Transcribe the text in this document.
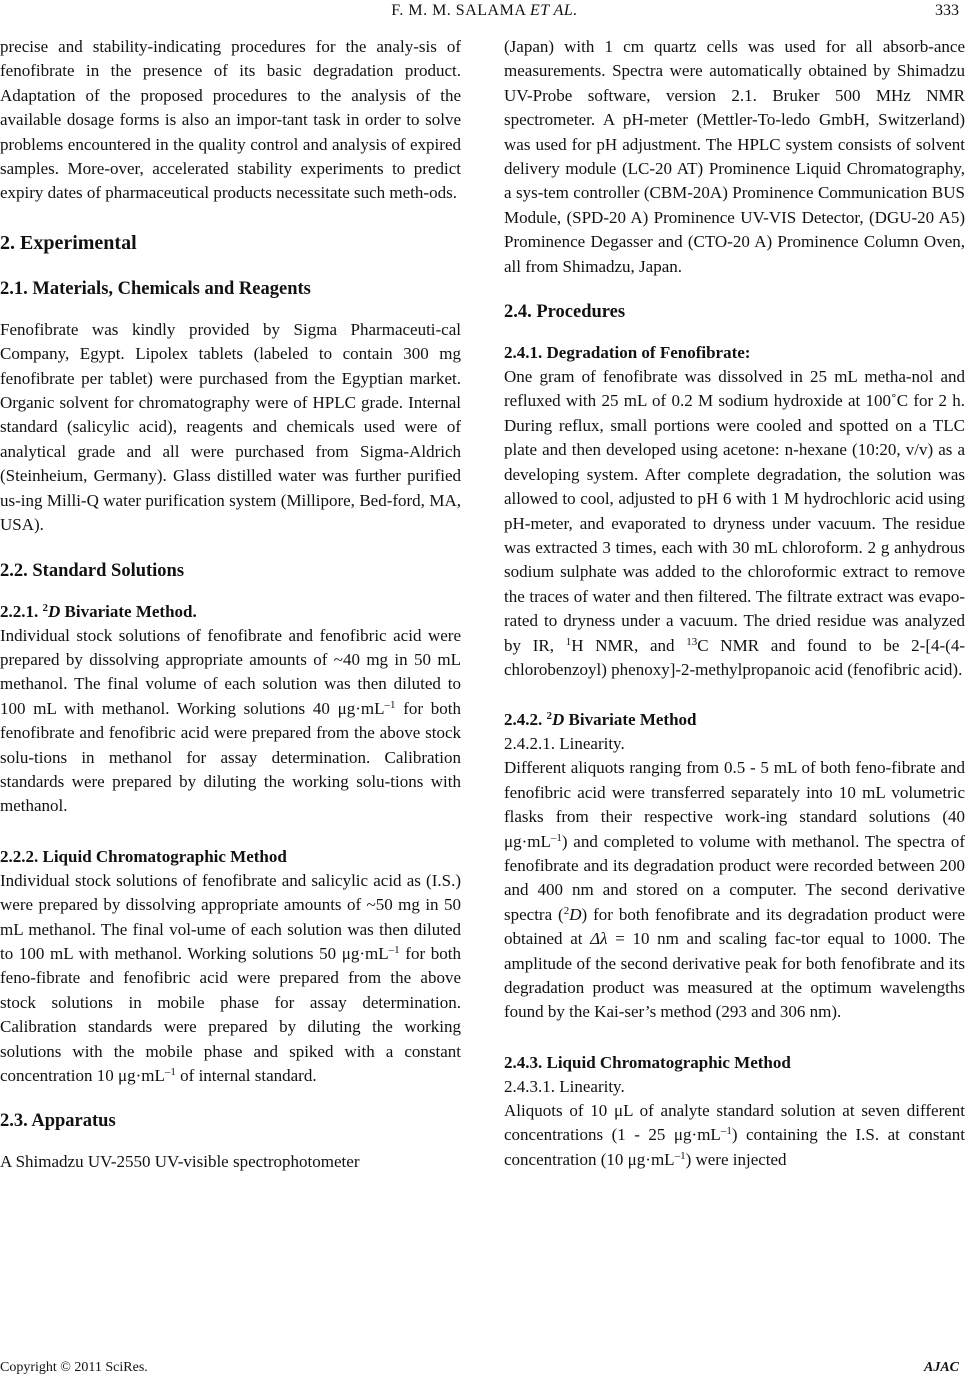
F. M. M. SALAMA ET AL.	333

precise and stability-indicating procedures for the analy-sis of fenofibrate in the presence of its basic degradation product. Adaptation of the proposed procedures to the analysis of the available dosage forms is also an impor-tant task in order to solve problems encountered in the quality control and analysis of expired samples. More-over, accelerated stability experiments to predict expiry dates of pharmaceutical products necessitate such meth-ods.

2. Experimental
2.1. Materials, Chemicals and Reagents

Fenofibrate was kindly provided by Sigma Pharmaceuti-cal Company, Egypt. Lipolex tablets (labeled to contain 300 mg fenofibrate per tablet) were purchased from the Egyptian market. Organic solvent for chromatography were of HPLC grade. Internal standard (salicylic acid), reagents and chemicals used were of analytical grade and all were purchased from Sigma-Aldrich (Steinheium, Germany). Glass distilled water was further purified us-ing Milli-Q water purification system (Millipore, Bed-ford, MA, USA).

2.2. Standard Solutions
2.2.1. $^2$D Bivariate Method.

Individual stock solutions of fenofibrate and fenofibric acid were prepared by dissolving appropriate amounts of ~40 mg in 50 mL methanol. The final volume of each solution was then diluted to 100 mL with methanol. Working solutions 40 $\mu g\cdot mL^{-1}$ for both fenofibrate and fenofibric acid were prepared from the above stock solu-tions in methanol for assay determination. Calibration standards were prepared by diluting the working solu-tions with methanol.

2.2.2. Liquid Chromatographic Method

Individual stock solutions of fenofibrate and salicylic acid as (I.S.) were prepared by dissolving appropriate amounts of ~50 mg in 50 mL methanol. The final vol-ume of each solution was then diluted to 100 mL with methanol. Working solutions 50 $\mu g\cdot mL^{-1}$ for both feno-fibrate and fenofibric acid were prepared from the above stock solutions in mobile phase for assay determination. Calibration standards were prepared by diluting the working solutions with the mobile phase and spiked with a constant concentration 10 $\mu g\cdot mL^{-1}$ of internal standard.

2.3. Apparatus

A Shimadzu UV-2550 UV-visible spectrophotometer

(Japan) with 1 cm quartz cells was used for all absorb-ance measurements. Spectra were automatically obtained by Shimadzu UV-Probe software, version 2.1. Bruker 500 MHz NMR spectrometer. A pH-meter (Mettler-To-ledo GmbH, Switzerland) was used for pH adjustment. The HPLC system consists of solvent delivery module (LC-20 AT) Prominence Liquid Chromatography, a sys-tem controller (CBM-20A) Prominence Communication BUS Module, (SPD-20 A) Prominence UV-VIS Detector, (DGU-20 A5) Prominence Degasser and (CTO-20 A) Prominence Column Oven, all from Shimadzu, Japan.

2.4. Procedures
2.4.1. Degradation of Fenofibrate:

One gram of fenofibrate was dissolved in 25 mL metha-nol and refluxed with 25 mL of 0.2 M sodium hydroxide at 100˚C for 2 h. During reflux, small portions were cooled and spotted on a TLC plate and then developed using acetone: n-hexane (10:20, v/v) as a developing system. After complete degradation, the solution was allowed to cool, adjusted to pH 6 with 1 M hydrochloric acid using pH-meter, and evaporated to dryness under vacuum. The residue was extracted 3 times, each with 30 mL chloroform. 2 g anhydrous sodium sulphate was added to the chloroformic extract to remove the traces of water and then filtered. The filtrate extract was evapo-rated to dryness under a vacuum. The dried residue was analyzed by IR, $^1$H NMR, and $^{13}$C NMR and found to be 2-[4-(4-chlorobenzoyl) phenoxy]-2-methylpropanoic acid (fenofibric acid).

2.4.2. $^2$D Bivariate Method
2.4.2.1. Linearity.

Different aliquots ranging from 0.5 - 5 mL of both feno-fibrate and fenofibric acid were transferred separately into 10 mL volumetric flasks from their respective work-ing standard solutions (40 $\mu g\cdot mL^{-1}$) and completed to volume with methanol. The spectra of fenofibrate and its degradation product were recorded between 200 and 400 nm and stored on a computer. The second derivative spectra ($^2$D) for both fenofibrate and its degradation product were obtained at Δλ = 10 nm and scaling fac-tor equal to 1000. The amplitude of the second derivative peak for both fenofibrate and its degradation product was measured at the optimum wavelengths found by the Kai-ser’s method (293 and 306 nm).

2.4.3. Liquid Chromatographic Method
2.4.3.1. Linearity.

Aliquots of 10 μL of analyte standard solution at seven different concentrations (1 - 25 $\mu g\cdot mL^{-1}$) containing the I.S. at constant concentration (10 $\mu g\cdot mL^{-1}$) were injected

Copyright © 2011 SciRes.	AJAC
